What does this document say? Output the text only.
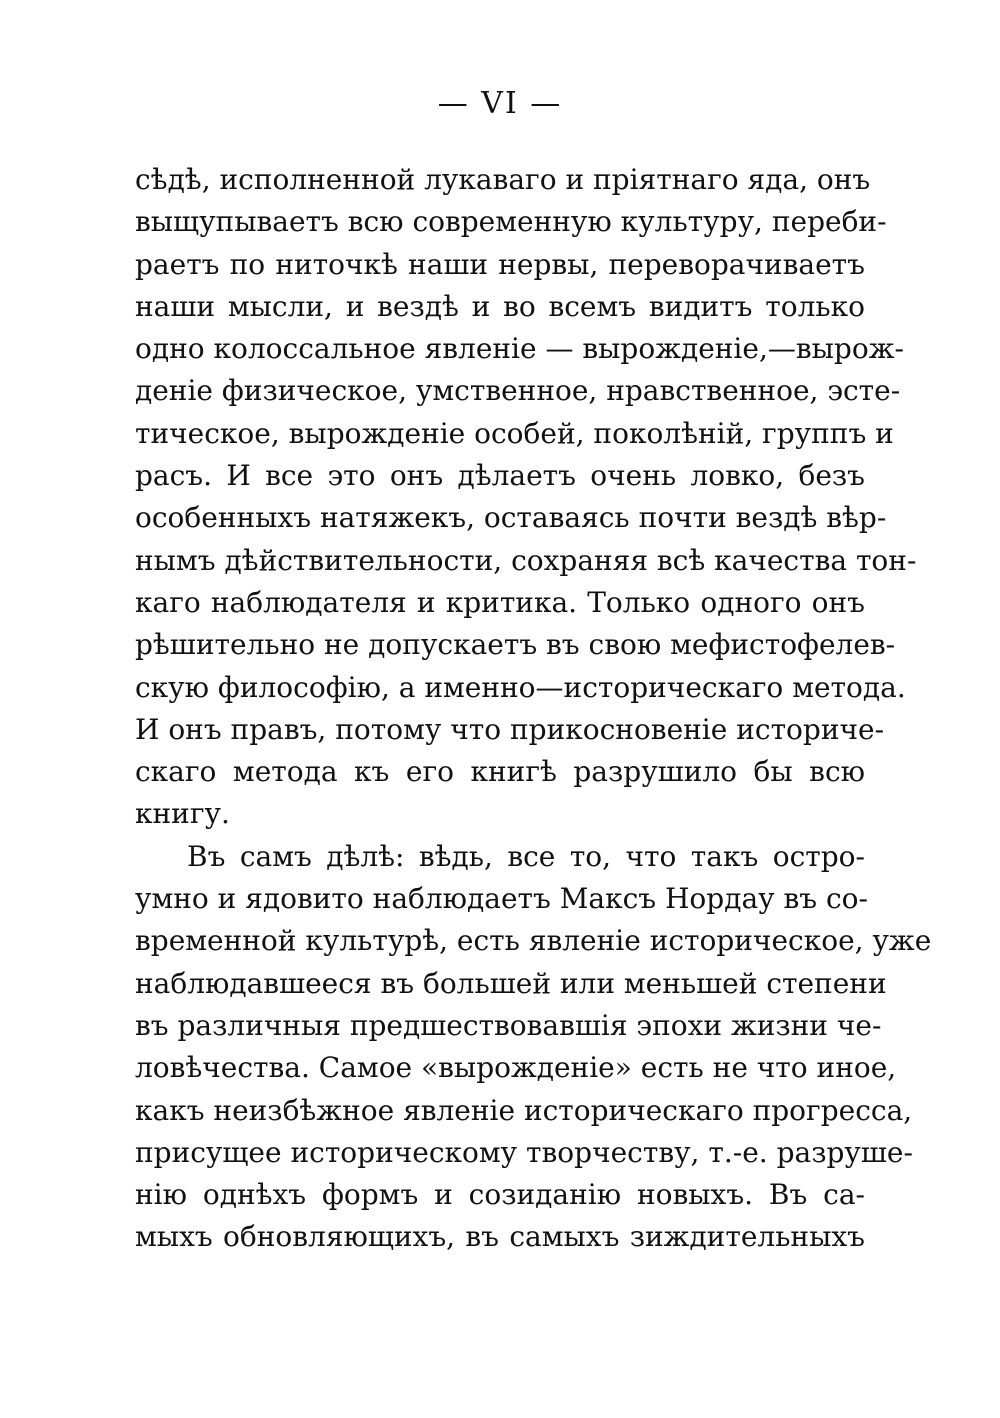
— VI —
сѣдѣ, исполненной лукаваго и пріятнаго яда, онъ
выщупываетъ всю современную культуру, переби-
раетъ по ниточкѣ наши нервы, переворачиваетъ
наши мысли, и вездѣ и во всемъ видитъ только
одно колоссальное явленіе — вырожденіе,—вырож-
деніе физическое, умственное, нравственное, эсте-
тическое, вырожденіе особей, поколѣній, группъ и
расъ. И все это онъ дѣлаетъ очень ловко, безъ
особенныхъ натяжекъ, оставаясь почти вездѣ вѣр-
нымъ дѣйствительности, сохраняя всѣ качества тон-
каго наблюдателя и критика. Только одного онъ
рѣшительно не допускаетъ въ свою мефистофелев-
скую философію, а именно—историческаго метода.
И онъ правъ, потому что прикосновеніе историче-
скаго метода къ его книгѣ разрушило бы всю
книгу.
Въ самъ дѣлѣ: вѣдь, все то, что такъ остро-
умно и ядовито наблюдаетъ Максъ Нордау въ со-
временной культурѣ, есть явленіе историческое, уже
наблюдавшееся въ большей или меньшей степени
въ различныя предшествовавшія эпохи жизни че-
ловѣчества. Самое «вырожденіе» есть не что иное,
какъ неизбѣжное явленіе историческаго прогресса,
присущее историческому творчеству, т.-е. разруше-
нію однѣхъ формъ и созиданію новыхъ. Въ са-
мыхъ обновляющихъ, въ самыхъ зиждительныхъ
